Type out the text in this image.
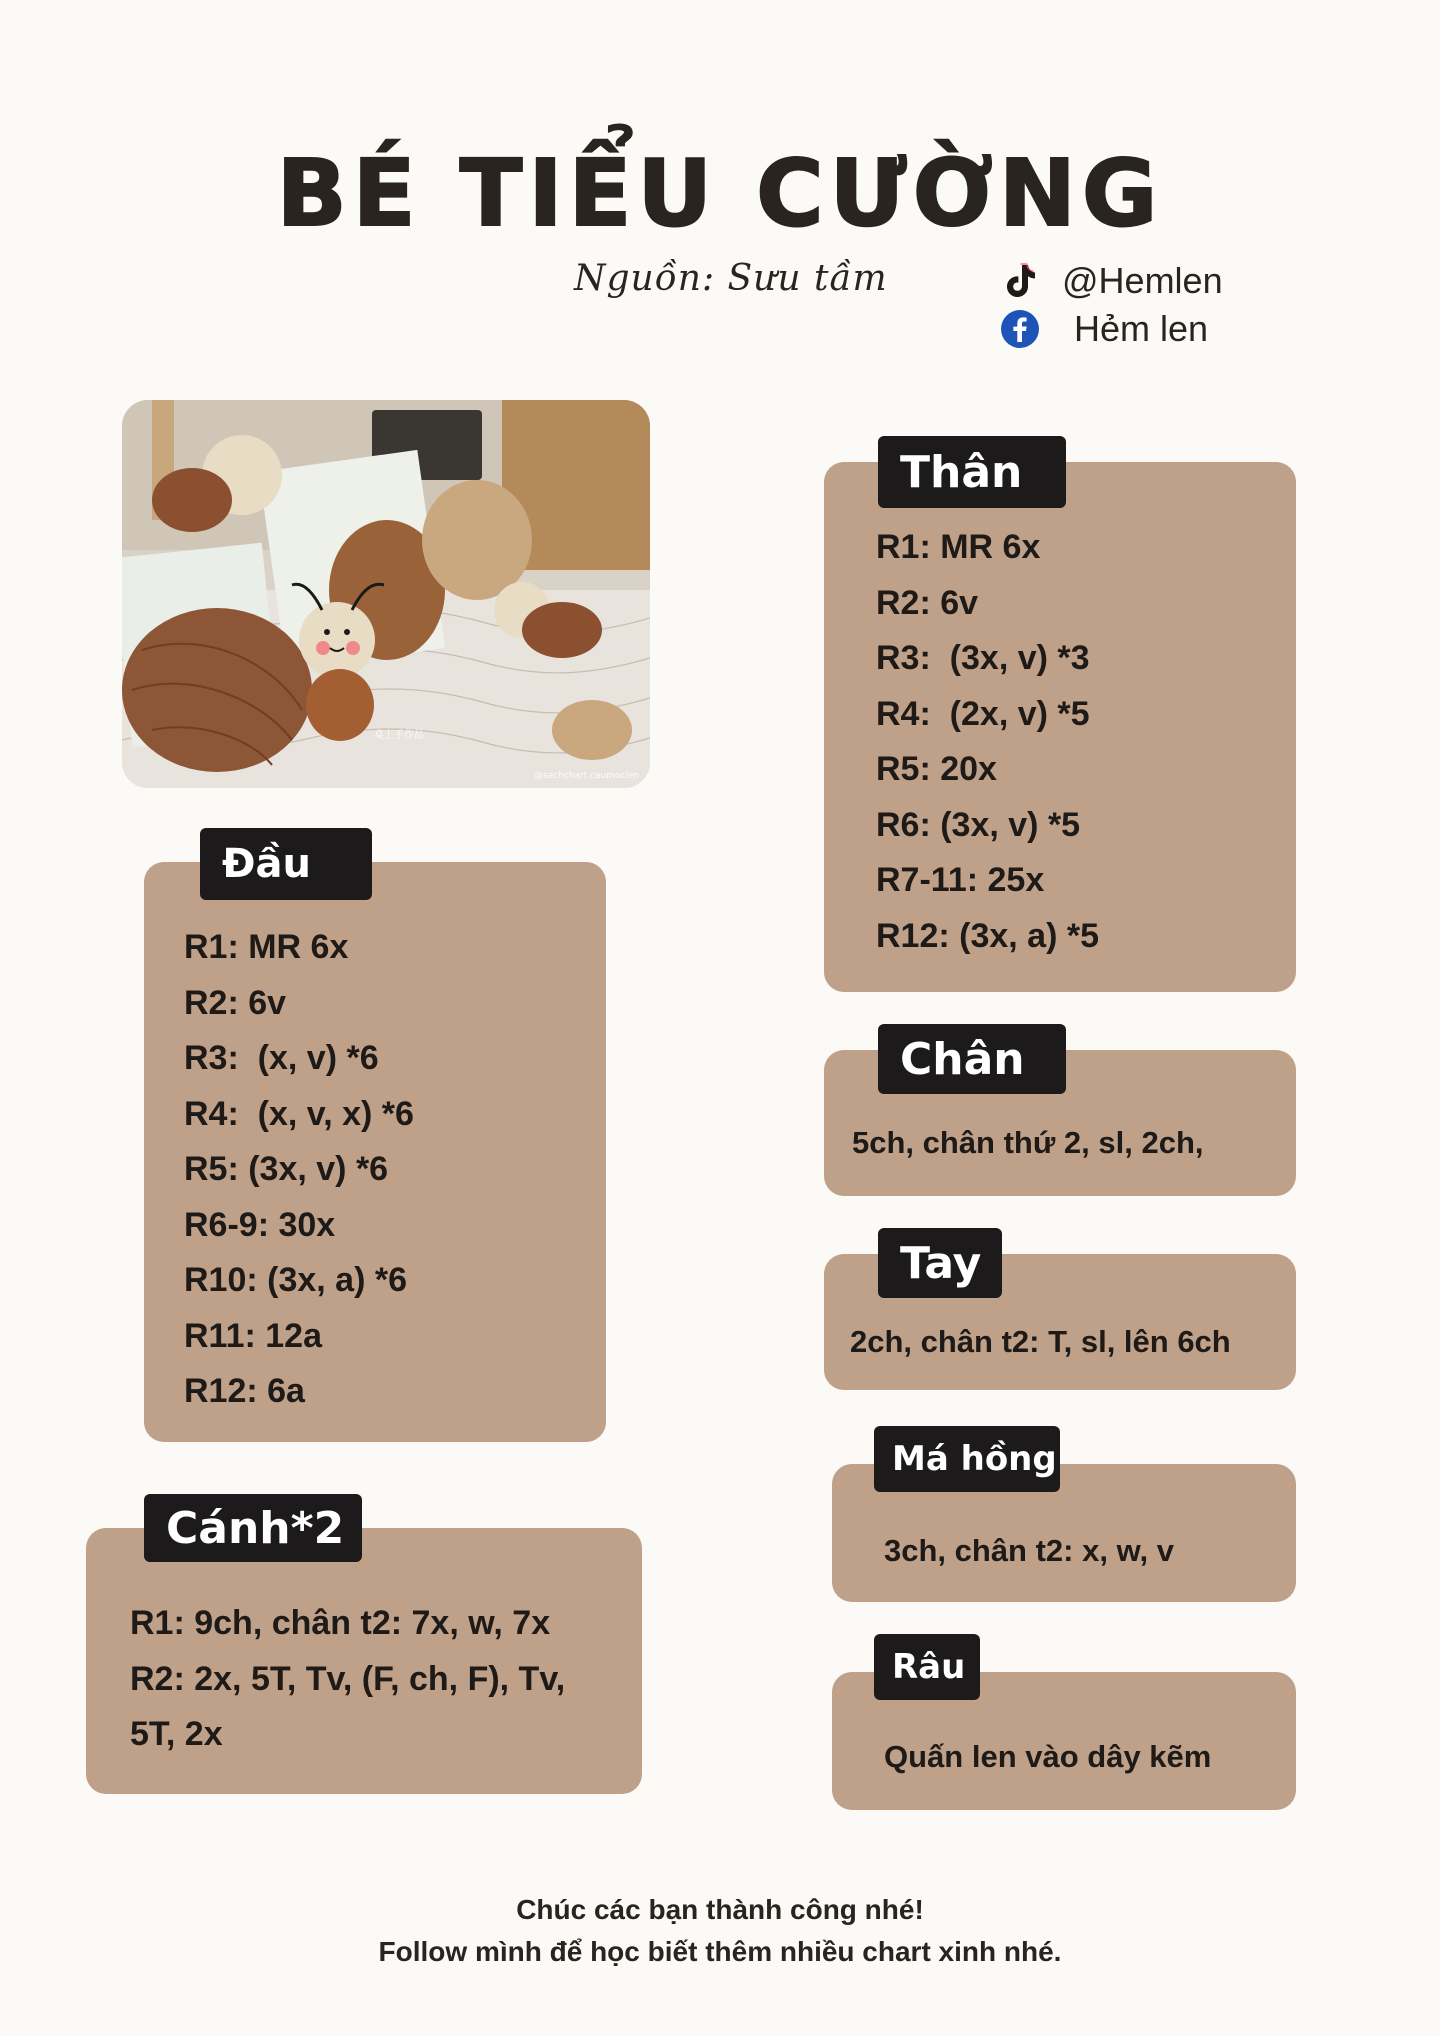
BÉ TIỂU CƯỜNG
Nguồn: Sưu tầm	@Hemlen
Hẻm len
桌上手作品
@sachchart.caumoclen
Đầu
R1: MR 6x
R2: 6v
R3:  (x, v) *6
R4:  (x, v, x) *6
R5: (3x, v) *6
R6-9: 30x
R10: (3x, a) *6
R11: 12a
R12: 6a
Cánh*2
R1: 9ch, chân t2: 7x, w, 7x
R2: 2x, 5T, Tv, (F, ch, F), Tv,
5T, 2x
Thân
R1: MR 6x
R2: 6v
R3:  (3x, v) *3
R4:  (2x, v) *5
R5: 20x
R6: (3x, v) *5
R7-11: 25x
R12: (3x, a) *5
Chân
5ch, chân thứ 2, sl, 2ch,
Tay
2ch, chân t2: T, sl, lên 6ch
Má hồng
3ch, chân t2: x, w, v
Râu
Quấn len vào dây kẽm
Chúc các bạn thành công nhé!
Follow mình để học biết thêm nhiều chart xinh nhé.
